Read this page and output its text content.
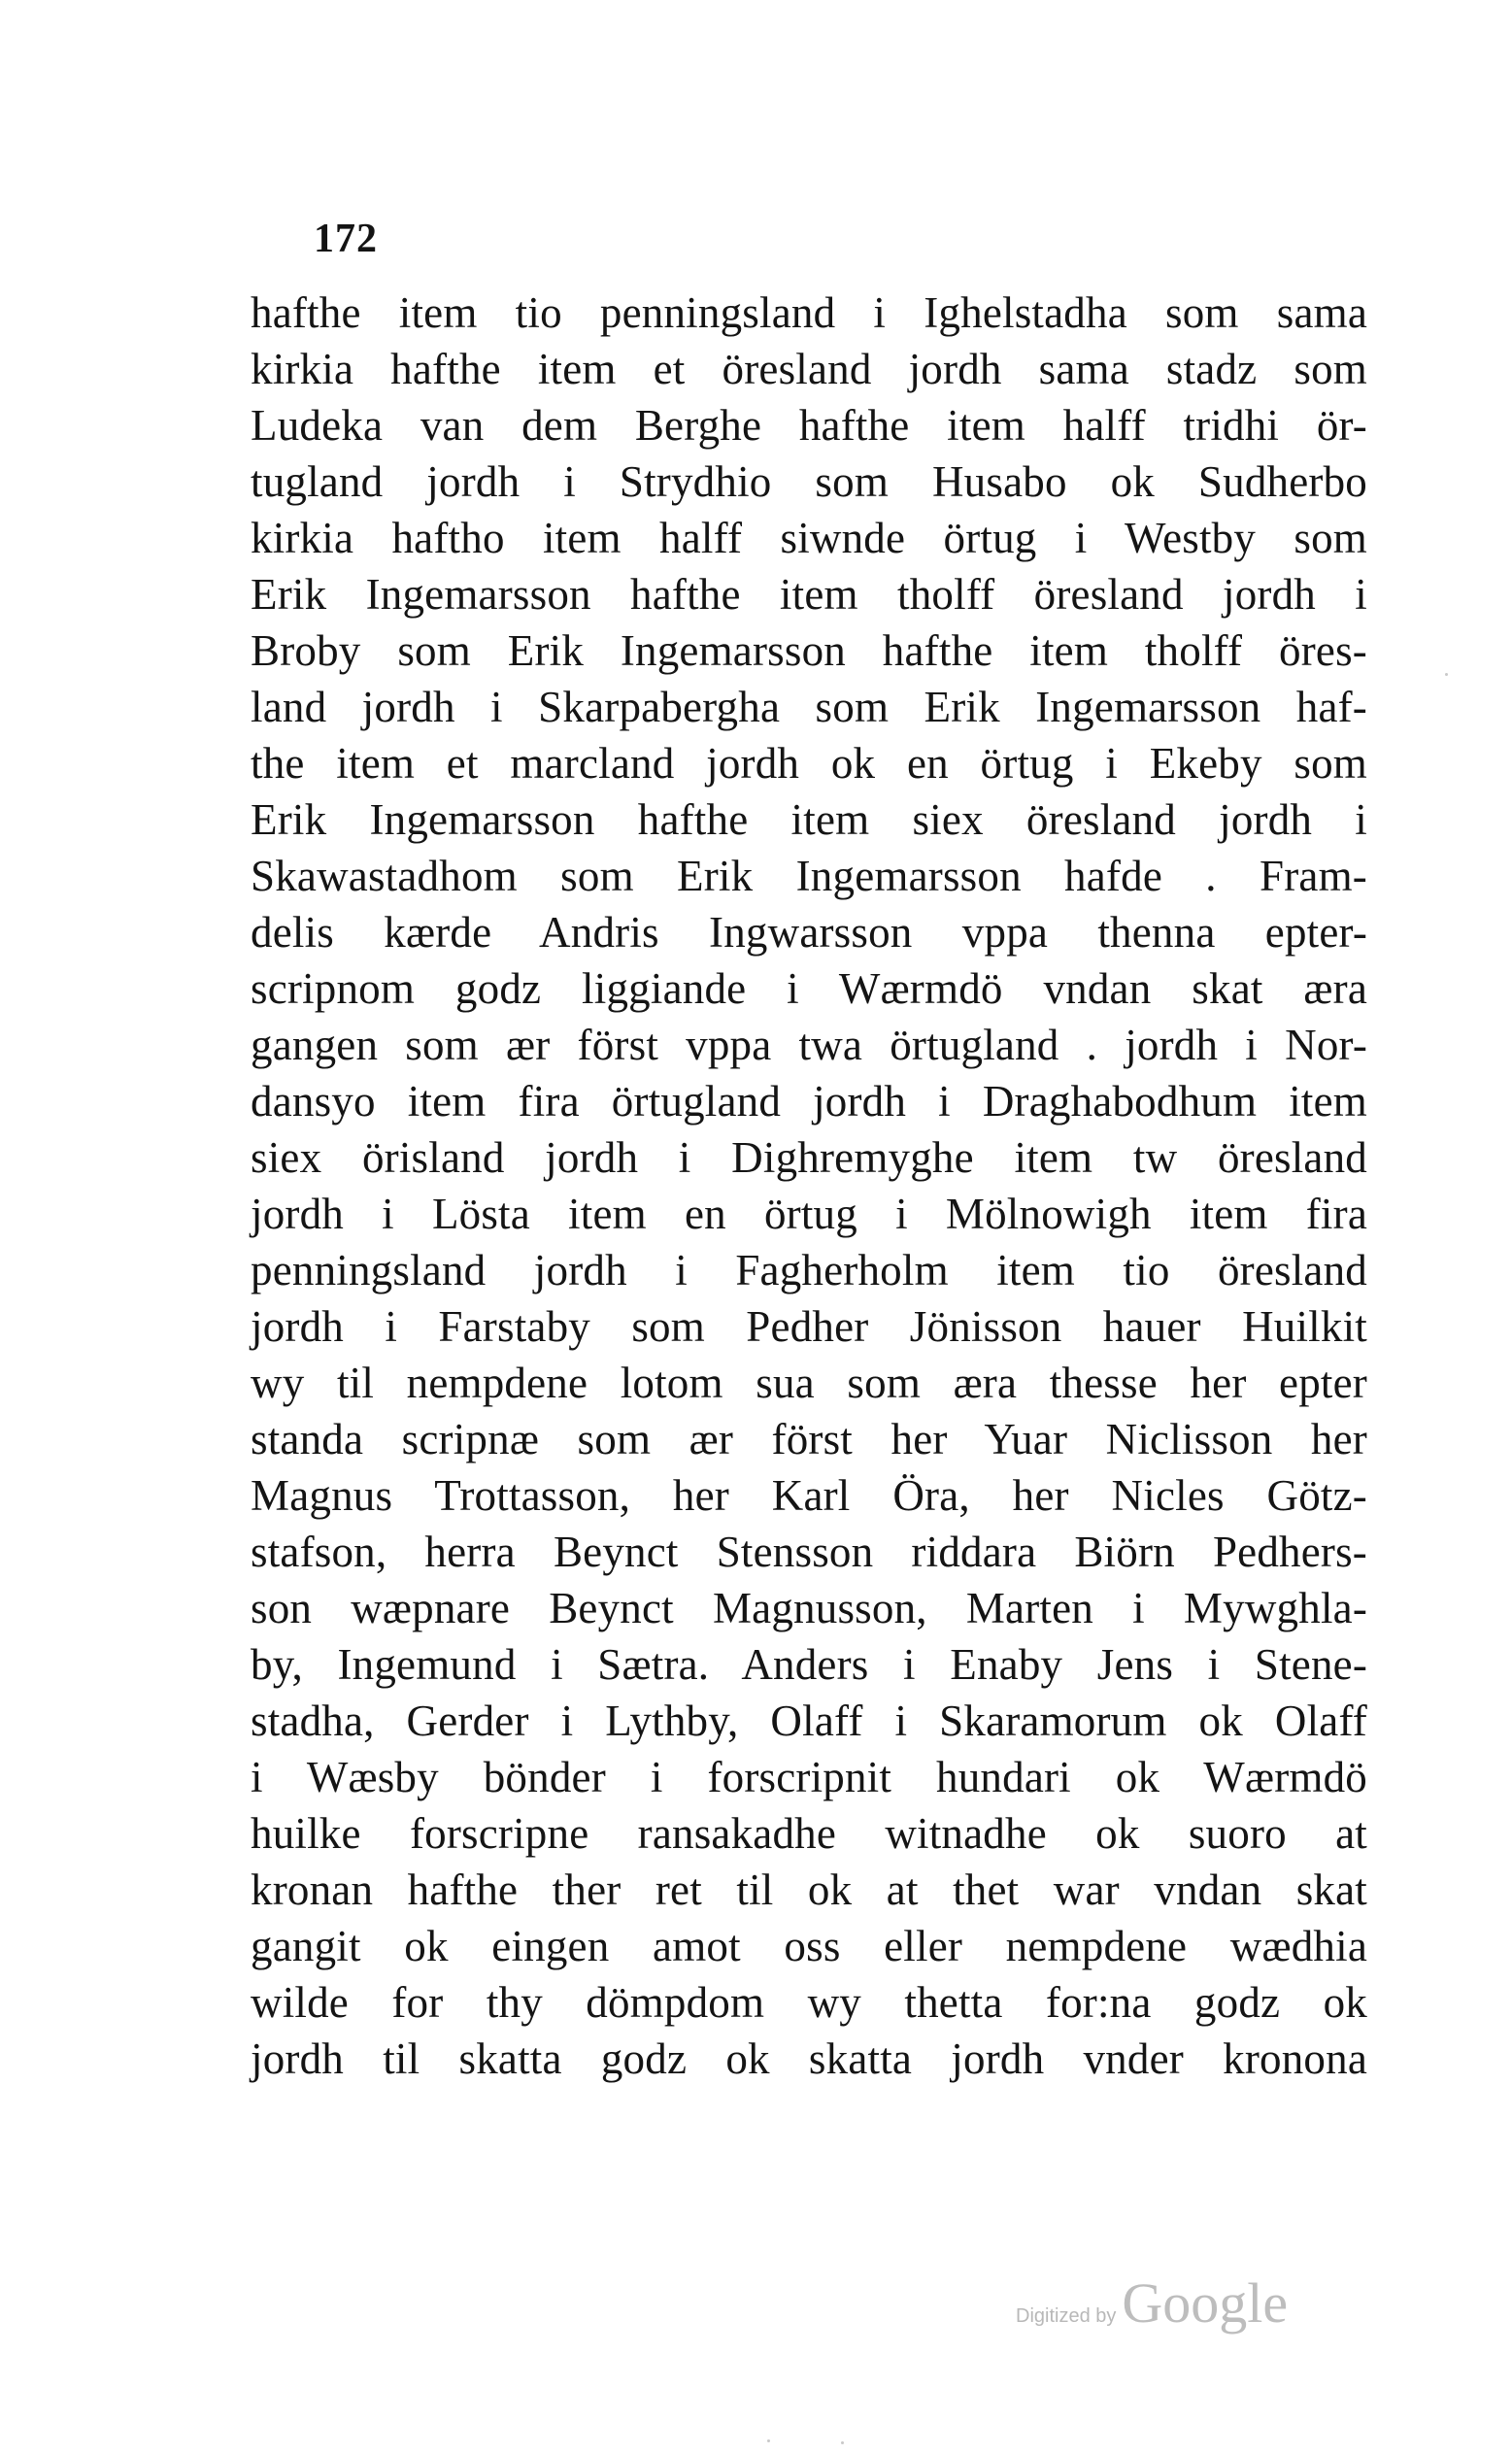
172
hafthe item tio penningsland i Ighelstadha som sama
kirkia hafthe item et öresland jordh sama stadz som
Ludeka van dem Berghe hafthe item halff tridhi ör-
tugland jordh i Strydhio som Husabo ok Sudherbo
kirkia haftho item halff siwnde örtug i Westby som
Erik Ingemarsson hafthe item tholff öresland jordh i
Broby som Erik Ingemarsson hafthe item tholff öres-
land jordh i Skarpabergha som Erik Ingemarsson haf-
the item et marcland jordh ok en örtug i Ekeby som
Erik Ingemarsson hafthe item siex öresland jordh i
Skawastadhom som Erik Ingemarsson hafde . Fram-
delis kærde Andris Ingwarsson vppa thenna epter-
scripnom godz liggiande i Wærmdö vndan skat æra
gangen som ær först vppa twa örtugland . jordh i Nor-
dansyo item fira örtugland jordh i Draghabodhum item
siex örisland jordh i Dighremyghe item tw öresland
jordh i Lösta item en örtug i Mölnowigh item fira
penningsland jordh i Fagherholm item tio öresland
jordh i Farstaby som Pedher Jönisson hauer Huilkit
wy til nempdene lotom sua som æra thesse her epter
standa scripnæ som ær först her Yuar Niclisson her
Magnus Trottasson, her Karl Öra, her Nicles Götz-
stafson, herra Beynct Stensson riddara Biörn Pedhers-
son wæpnare Beynct Magnusson, Marten i Mywghla-
by, Ingemund i Sætra. Anders i Enaby Jens i Stene-
stadha, Gerder i Lythby, Olaff i Skaramorum ok Olaff
i Wæsby bönder i forscripnit hundari ok Wærmdö
huilke forscripne ransakadhe witnadhe ok suoro at
kronan hafthe ther ret til ok at thet war vndan skat
gangit ok eingen amot oss eller nempdene wædhia
wilde for thy dömpdom wy thetta for:na godz ok
jordh til skatta godz ok skatta jordh vnder kronona
Digitized by Google
